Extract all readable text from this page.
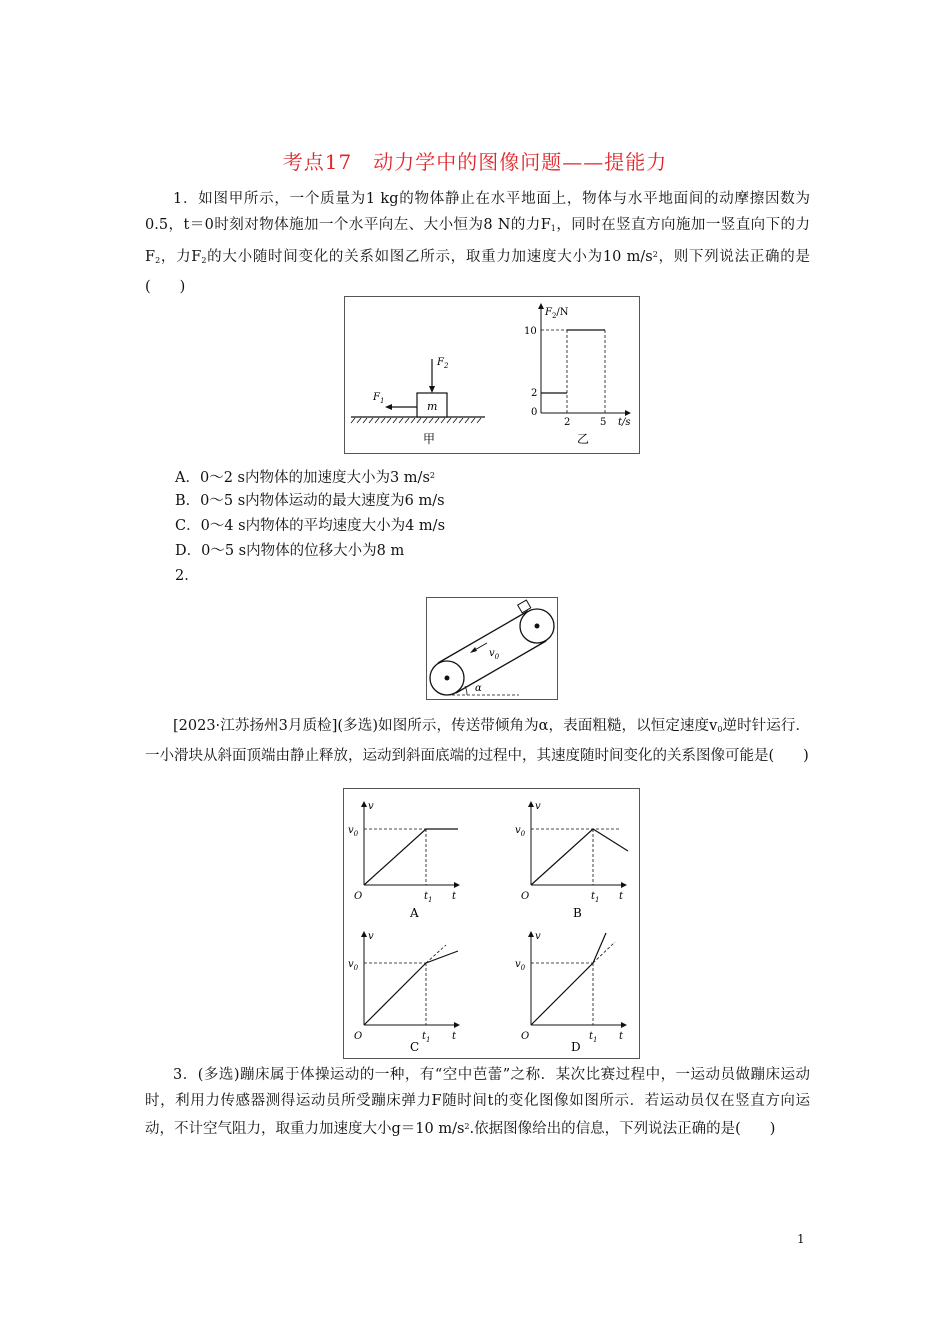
考点17　动力学中的图像问题——提能力
1．如图甲所示，一个质量为1 kg的物体静止在水平地面上，物体与水平地面间的动摩擦因数为0.5，t＝0时刻对物体施加一个水平向左、大小恒为8 N的力$F_1$，同时在竖直方向施加一竖直向下的力$F_2$，力$F_2$的大小随时间变化的关系如图乙所示，取重力加速度大小为10 $m/s^2$，则下列说法正确的是(　　)
m
$F_1$
$F_2$
甲
$F_2/N$
10
2
0
2	5 t/s
乙
A．0～2 s内物体的加速度大小为3 $m/s^2$
B．0～5 s内物体运动的最大速度为6 m/s
C．0～4 s内物体的平均速度大小为4 m/s
D．0～5 s内物体的位移大小为8 m
2.
$v_0$
α
[2023·江苏扬州3月质检](多选)如图所示，传送带倾角为α，表面粗糙，以恒定速度$v_0$逆时针运行．一小滑块从斜面顶端由静止释放，运动到斜面底端的过程中，其速度随时间变化的关系图像可能是(　　)
v
$v_0$
O	$t_1$ t
A
v
$v_0$
O	$t_1$ t
B
v
$v_0$
O	$t_1$ t
C
v
$v_0$
O	$t_1$ t
D
3．(多选)蹦床属于体操运动的一种，有“空中芭蕾”之称．某次比赛过程中，一运动员做蹦床运动时，利用力传感器测得运动员所受蹦床弹力F随时间t的变化图像如图所示．若运动员仅在竖直方向运动，不计空气阻力，取重力加速度大小g＝10 $m/s^2$.依据图像给出的信息，下列说法正确的是(　　)
1
